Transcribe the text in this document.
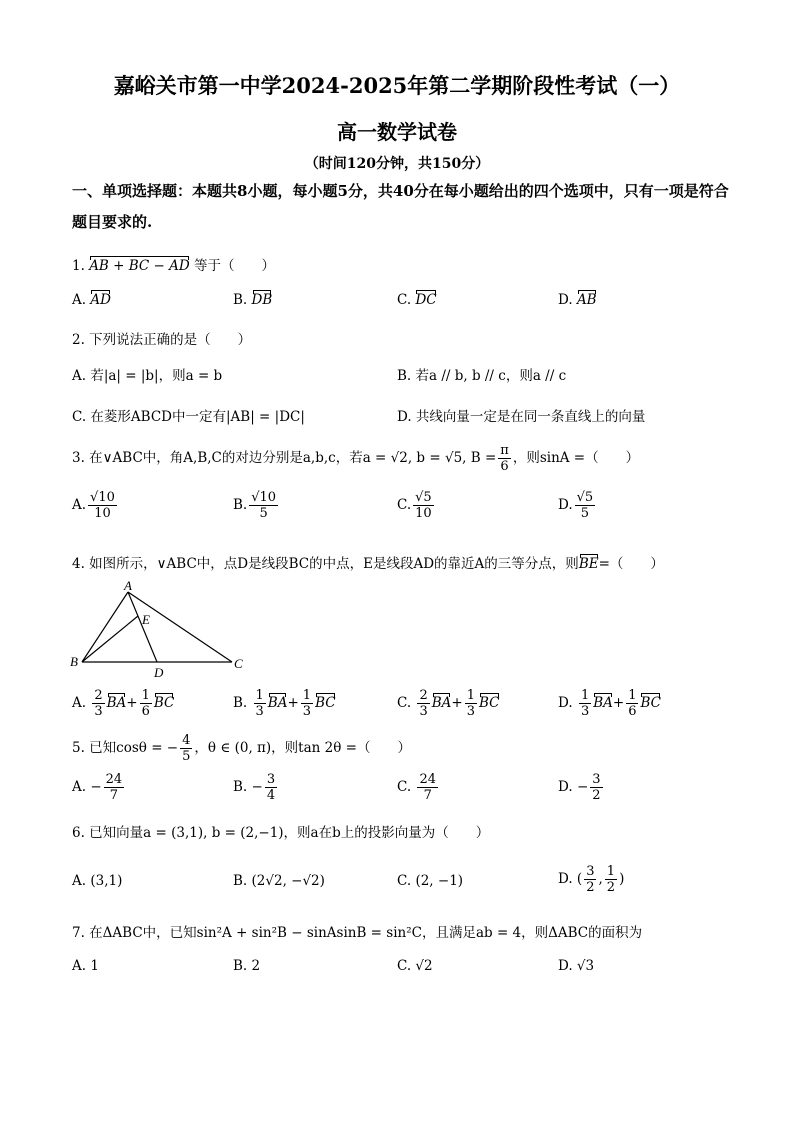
嘉峪关市第一中学2024-2025年第二学期阶段性考试（一）
高一数学试卷
（时间120分钟，共150分）
一、单项选择题：本题共8小题，每小题5分，共40分在每小题给出的四个选项中，只有一项是符合题目要求的.
1. AB + BC − AD 等于（　　）
A. AD	B. DB	C. DC	D. AB
2. 下列说法正确的是（　　）
A. 若|a| = |b|，则a = b	B. 若a // b, b // c，则a // c
C. 在菱形ABCD中一定有|AB| = |DC|	D. 共线向量一定是在同一条直线上的向量
3. 在∨ABC中，角A,B,C的对边分别是a,b,c，若a = √2, b = √5, $B = \frac{\pi}{6}$ ，则sinA =（　　）
A. $\frac{√10}{10}$	B. $\frac{√10}{5}$	C. $\frac{√5}{10}$	D. $\frac{√5}{5}$
4. 如图所示，∨ABC中，点D是线段BC的中点，E是线段AD的靠近A的三等分点，则BE=（　　）
A
B	C
D
E
A. $\frac{2}{3} BA+ \frac{1}{6}$ BC	B. $\frac{1}{3} BA+ \frac{1}{3}$ BC	C. $\frac{2}{3} BA+ \frac{1}{3}$ BC	D. $\frac{1}{3} BA+ \frac{1}{6}$ BC
5. 已知cosθ = − $\frac{4}{5}$ ，θ ∈ (0, π)，则tan 2θ =（　　）
A. − $\frac{24}{7}$	B. − $\frac{3}{4}$	C. $\frac{24}{7}$	D. − $\frac{3}{2}$
6. 已知向量a = (3,1), b = (2,−1)，则a在b上的投影向量为（　　）
A. (3,1)	B. (2√2, −√2)	C. (2, −1)	D. ( $\frac{3}{2}$ , $\frac{1}{2}$ )
7. 在ΔABC中，已知sin²A + sin²B − sinAsinB = sin²C，且满足ab = 4，则ΔABC的面积为
A. 1	B. 2	C. √2	D. √3
